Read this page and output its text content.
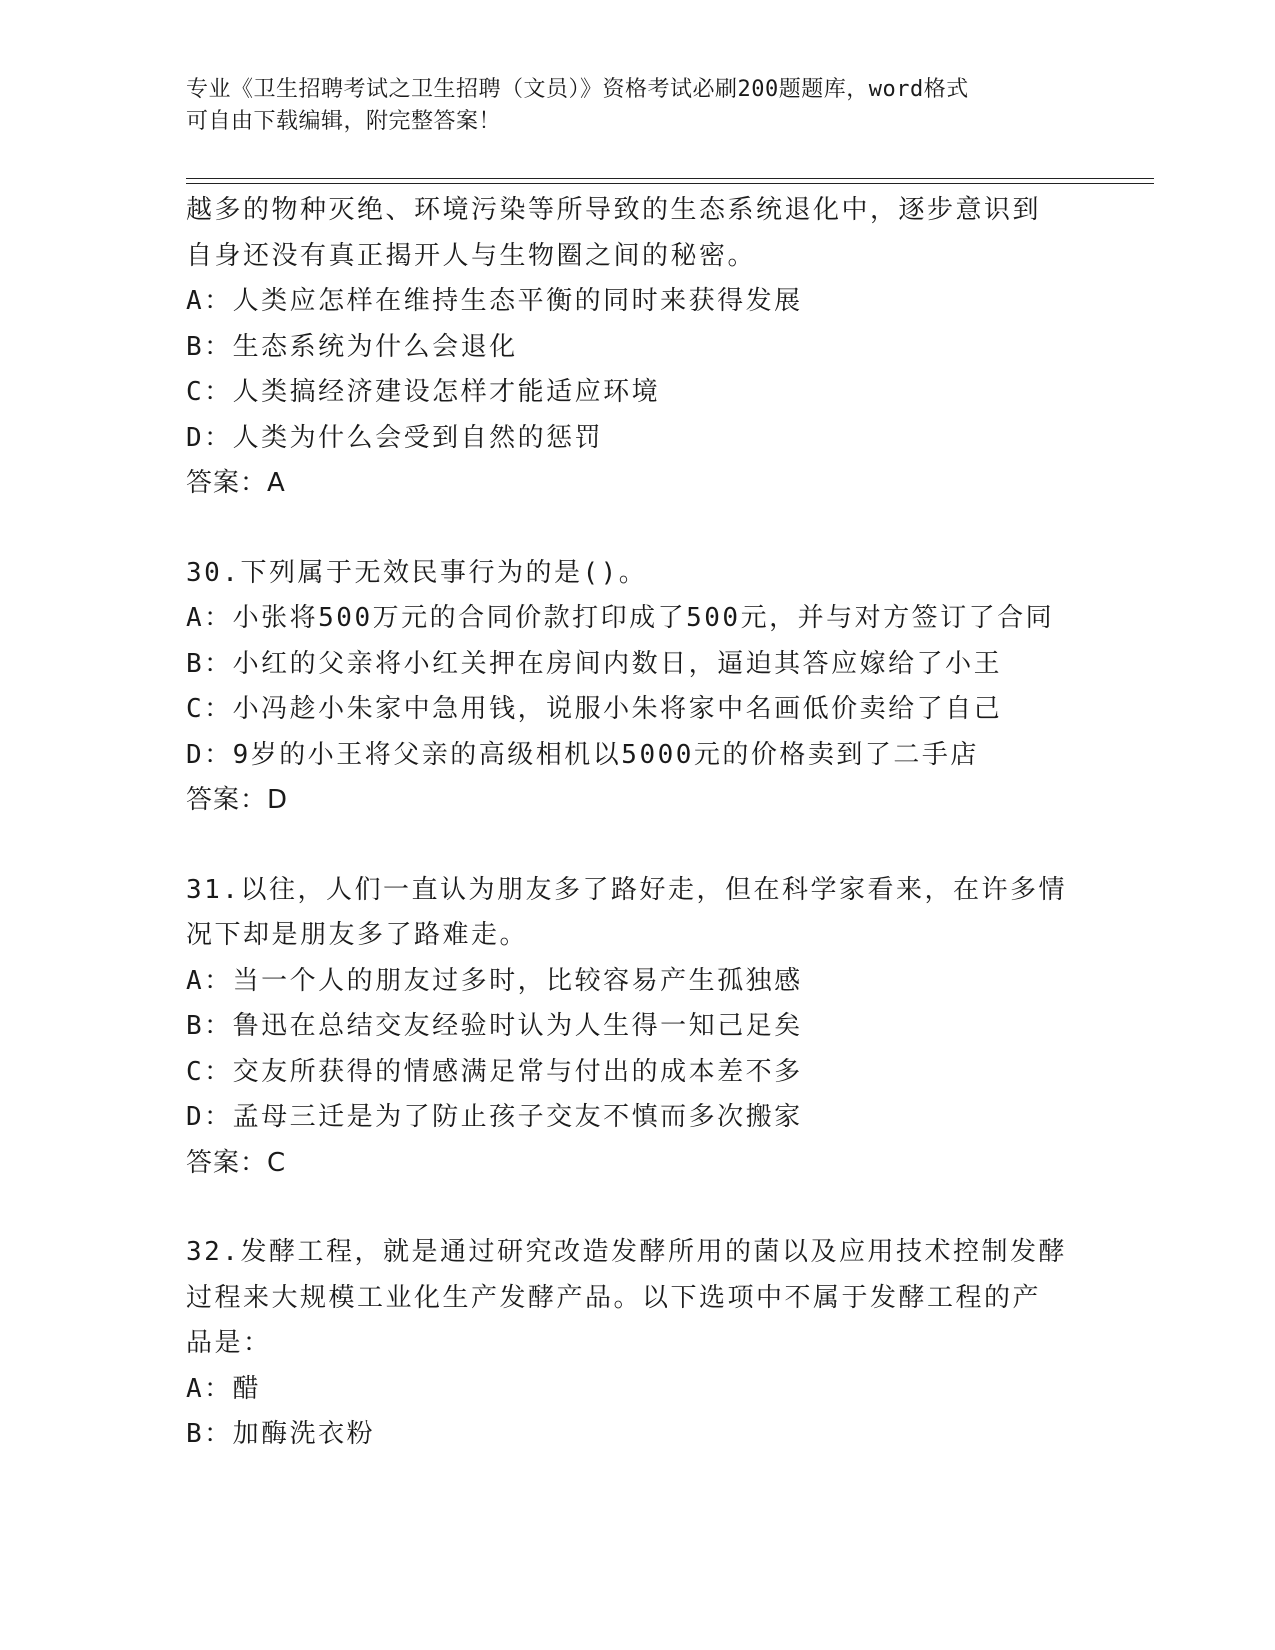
专业《卫生招聘考试之卫生招聘（文员）》资格考试必刷200题题库，word格式
可自由下载编辑，附完整答案！
越多的物种灭绝、环境污染等所导致的生态系统退化中，逐步意识到
自身还没有真正揭开人与生物圈之间的秘密。
A：人类应怎样在维持生态平衡的同时来获得发展
B：生态系统为什么会退化
C：人类搞经济建设怎样才能适应环境
D：人类为什么会受到自然的惩罚
答案：A
30.下列属于无效民事行为的是()。
A：小张将500万元的合同价款打印成了500元，并与对方签订了合同
B：小红的父亲将小红关押在房间内数日，逼迫其答应嫁给了小王
C：小冯趁小朱家中急用钱，说服小朱将家中名画低价卖给了自己
D：9岁的小王将父亲的高级相机以5000元的价格卖到了二手店
答案：D
31.以往，人们一直认为朋友多了路好走，但在科学家看来，在许多情
况下却是朋友多了路难走。
A：当一个人的朋友过多时，比较容易产生孤独感
B：鲁迅在总结交友经验时认为人生得一知己足矣
C：交友所获得的情感满足常与付出的成本差不多
D：孟母三迁是为了防止孩子交友不慎而多次搬家
答案：C
32.发酵工程，就是通过研究改造发酵所用的菌以及应用技术控制发酵
过程来大规模工业化生产发酵产品。以下选项中不属于发酵工程的产
品是：
A：醋
B：加酶洗衣粉
